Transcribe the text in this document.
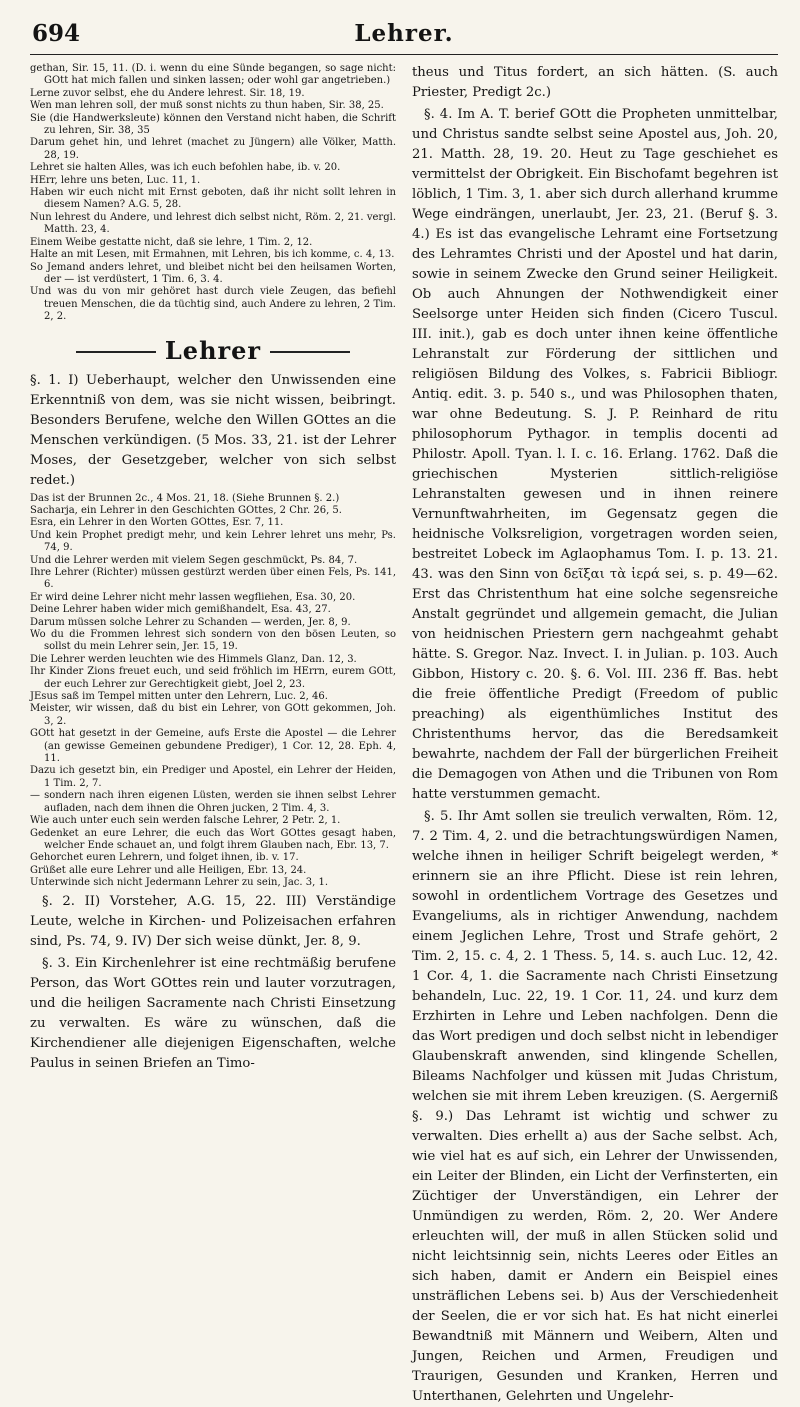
694	Lehrer.

gethan, Sir. 15, 11. (D. i. wenn du eine Sünde begangen, so sage nicht: GOtt hat mich fallen und sinken lassen; oder wohl gar angetrieben.)

Lerne zuvor selbst, ehe du Andere lehrest. Sir. 18, 19.

Wen man lehren soll, der muß sonst nichts zu thun haben, Sir. 38, 25.

Sie (die Handwerksleute) können den Verstand nicht haben, die Schrift zu lehren, Sir. 38, 35

Darum gehet hin, und lehret (machet zu Jüngern) alle Völker, Matth. 28, 19.

Lehret sie halten Alles, was ich euch befohlen habe, ib. v. 20.

HErr, lehre uns beten, Luc. 11, 1.

Haben wir euch nicht mit Ernst geboten, daß ihr nicht sollt lehren in diesem Namen? A.G. 5, 28.

Nun lehrest du Andere, und lehrest dich selbst nicht, Röm. 2, 21. vergl. Matth. 23, 4.

Einem Weibe gestatte nicht, daß sie lehre, 1 Tim. 2, 12.

Halte an mit Lesen, mit Ermahnen, mit Lehren, bis ich komme, c. 4, 13.

So Jemand anders lehret, und bleibet nicht bei den heilsamen Worten, der — ist verdüstert, 1 Tim. 6, 3. 4.

Und was du von mir gehöret hast durch viele Zeugen, das befiehl treuen Menschen, die da tüchtig sind, auch Andere zu lehren, 2 Tim. 2, 2.

Lehrer

§. 1. I) Ueberhaupt, welcher den Unwissenden eine Erkenntniß von dem, was sie nicht wissen, beibringt. Besonders Berufene, welche den Willen GOttes an die Menschen verkündigen. (5 Mos. 33, 21. ist der Lehrer Moses, der Gesetzgeber, welcher von sich selbst redet.)

Das ist der Brunnen 2c., 4 Mos. 21, 18. (Siehe Brunnen §. 2.)

Sacharja, ein Lehrer in den Geschichten GOttes, 2 Chr. 26, 5.

Esra, ein Lehrer in den Worten GOttes, Esr. 7, 11.

Und kein Prophet predigt mehr, und kein Lehrer lehret uns mehr, Ps. 74, 9.

Und die Lehrer werden mit vielem Segen geschmückt, Ps. 84, 7.

Ihre Lehrer (Richter) müssen gestürzt werden über einen Fels, Ps. 141, 6.

Er wird deine Lehrer nicht mehr lassen wegfliehen, Esa. 30, 20.

Deine Lehrer haben wider mich gemißhandelt, Esa. 43, 27.

Darum müssen solche Lehrer zu Schanden — werden, Jer. 8, 9.

Wo du die Frommen lehrest sich sondern von den bösen Leuten, so sollst du mein Lehrer sein, Jer. 15, 19.

Die Lehrer werden leuchten wie des Himmels Glanz, Dan. 12, 3.

Ihr Kinder Zions freuet euch, und seid fröhlich im HErrn, eurem GOtt, der euch Lehrer zur Gerechtigkeit giebt, Joel 2, 23.

JEsus saß im Tempel mitten unter den Lehrern, Luc. 2, 46.

Meister, wir wissen, daß du bist ein Lehrer, von GOtt gekommen, Joh. 3, 2.

GOtt hat gesetzt in der Gemeine, aufs Erste die Apostel — die Lehrer (an gewisse Gemeinen gebundene Prediger), 1 Cor. 12, 28. Eph. 4, 11.

Dazu ich gesetzt bin, ein Prediger und Apostel, ein Lehrer der Heiden, 1 Tim. 2, 7.

— sondern nach ihren eigenen Lüsten, werden sie ihnen selbst Lehrer aufladen, nach dem ihnen die Ohren jucken, 2 Tim. 4, 3.

Wie auch unter euch sein werden falsche Lehrer, 2 Petr. 2, 1.

Gedenket an eure Lehrer, die euch das Wort GOttes gesagt haben, welcher Ende schauet an, und folgt ihrem Glauben nach, Ebr. 13, 7.

Gehorchet euren Lehrern, und folget ihnen, ib. v. 17.

Grüßet alle eure Lehrer und alle Heiligen, Ebr. 13, 24.

Unterwinde sich nicht Jedermann Lehrer zu sein, Jac. 3, 1.

§. 2. II) Vorsteher, A.G. 15, 22. III) Verständige Leute, welche in Kirchen- und Polizeisachen erfahren sind, Ps. 74, 9. IV) Der sich weise dünkt, Jer. 8, 9.

§. 3. Ein Kirchenlehrer ist eine rechtmäßig berufene Person, das Wort GOttes rein und lauter vorzutragen, und die heiligen Sacramente nach Christi Einsetzung zu verwalten. Es wäre zu wünschen, daß die Kirchendiener alle diejenigen Eigenschaften, welche Paulus in seinen Briefen an Timo-

theus und Titus fordert, an sich hätten. (S. auch Priester, Predigt 2c.)

§. 4. Im A. T. berief GOtt die Propheten unmittelbar, und Christus sandte selbst seine Apostel aus, Joh. 20, 21. Matth. 28, 19. 20. Heut zu Tage geschiehet es vermittelst der Obrigkeit. Ein Bischofamt begehren ist löblich, 1 Tim. 3, 1. aber sich durch allerhand krumme Wege eindrängen, unerlaubt, Jer. 23, 21. (Beruf §. 3. 4.) Es ist das evangelische Lehramt eine Fortsetzung des Lehramtes Christi und der Apostel und hat darin, sowie in seinem Zwecke den Grund seiner Heiligkeit. Ob auch Ahnungen der Nothwendigkeit einer Seelsorge unter Heiden sich finden (Cicero Tuscul. III. init.), gab es doch unter ihnen keine öffentliche Lehranstalt zur Förderung der sittlichen und religiösen Bildung des Volkes, s. Fabricii Bibliogr. Antiq. edit. 3. p. 540 s., und was Philosophen thaten, war ohne Bedeutung. S. J. P. Reinhard de ritu philosophorum Pythagor. in templis docenti ad Philostr. Apoll. Tyan. l. I. c. 16. Erlang. 1762. Daß die griechischen Mysterien sittlich-religiöse Lehranstalten gewesen und in ihnen reinere Vernunftwahrheiten, im Gegensatz gegen die heidnische Volksreligion, vorgetragen worden seien, bestreitet Lobeck im Aglaophamus Tom. I. p. 13. 21. 43. was den Sinn von δεῖξαι τὰ ἱερά sei, s. p. 49—62. Erst das Christenthum hat eine solche segensreiche Anstalt gegründet und allgemein gemacht, die Julian von heidnischen Priestern gern nachgeahmt gehabt hätte. S. Gregor. Naz. Invect. I. in Julian. p. 103. Auch Gibbon, History c. 20. §. 6. Vol. III. 236 ff. Bas. hebt die freie öffentliche Predigt (Freedom of public preaching) als eigenthümliches Institut des Christenthums hervor, das die Beredsamkeit bewahrte, nachdem der Fall der bürgerlichen Freiheit die Demagogen von Athen und die Tribunen von Rom hatte verstummen gemacht.

§. 5. Ihr Amt sollen sie treulich verwalten, Röm. 12, 7. 2 Tim. 4, 2. und die betrachtungswürdigen Namen, welche ihnen in heiliger Schrift beigelegt werden, * erinnern sie an ihre Pflicht. Diese ist rein lehren, sowohl in ordentlichem Vortrage des Gesetzes und Evangeliums, als in richtiger Anwendung, nachdem einem Jeglichen Lehre, Trost und Strafe gehört, 2 Tim. 2, 15. c. 4, 2. 1 Thess. 5, 14. s. auch Luc. 12, 42. 1 Cor. 4, 1. die Sacramente nach Christi Einsetzung behandeln, Luc. 22, 19. 1 Cor. 11, 24. und kurz dem Erzhirten in Lehre und Leben nachfolgen. Denn die das Wort predigen und doch selbst nicht in lebendiger Glaubenskraft anwenden, sind klingende Schellen, Bileams Nachfolger und küssen mit Judas Christum, welchen sie mit ihrem Leben kreuzigen. (S. Aergerniß §. 9.) Das Lehramt ist wichtig und schwer zu verwalten. Dies erhellt a) aus der Sache selbst. Ach, wie viel hat es auf sich, ein Lehrer der Unwissenden, ein Leiter der Blinden, ein Licht der Verfinsterten, ein Züchtiger der Unverständigen, ein Lehrer der Unmündigen zu werden, Röm. 2, 20. Wer Andere erleuchten will, der muß in allen Stücken solid und nicht leichtsinnig sein, nichts Leeres oder Eitles an sich haben, damit er Andern ein Beispiel eines unsträflichen Lebens sei. b) Aus der Verschiedenheit der Seelen, die er vor sich hat. Es hat nicht einerlei Bewandtniß mit Männern und Weibern, Alten und Jungen, Reichen und Armen, Freudigen und Traurigen, Gesunden und Kranken, Herren und Unterthanen, Gelehrten und Ungelehr-
